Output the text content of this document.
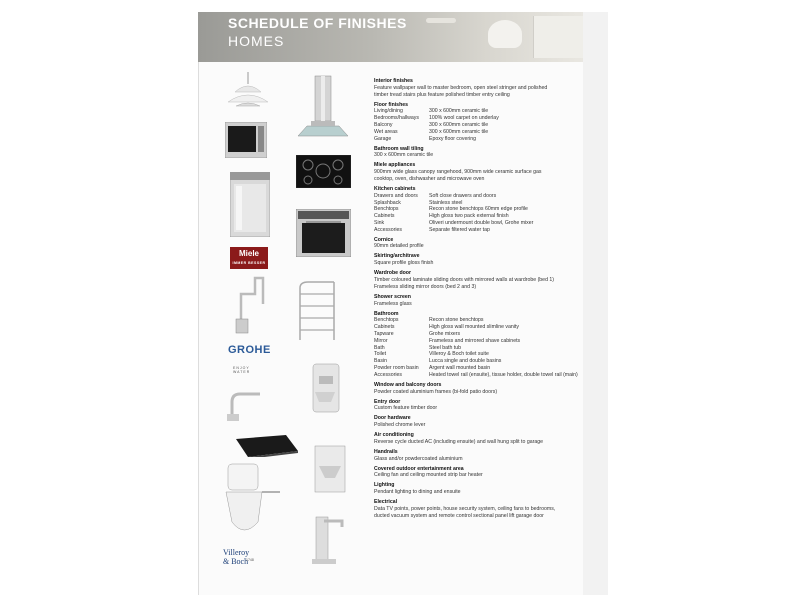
SCHEDULE OF FINISHES
HOMES
Miele
IMMER BESSER
GROHE
ENJOY WATER
Villeroy & Boch
1748
Interior finishes
Feature wallpaper wall to master bedroom, open steel stringer and polished
timber tread stairs plus feature polished timber entry ceiling
Floor finishes
Living/dining	300 x 600mm ceramic tile
Bedrooms/hallways	100% wool carpet on underlay
Balcony	300 x 600mm ceramic tile
Wet areas	300 x 600mm ceramic tile
Garage	Epoxy floor covering
Bathroom wall tiling
300 x 600mm ceramic tile
Miele appliances
900mm wide glass canopy rangehood, 900mm wide ceramic surface gas
cooktop, oven, dishwasher and microwave oven
Kitchen cabinets
Drawers and doors	Soft close drawers and doors
Splashback	Stainless steel
Benchtops	Recon stone benchtops 60mm edge profile
Cabinets	High gloss two pack external finish
Sink	Oliveri undermount double bowl, Grohe mixer
Accessories	Separate filtered water tap
Cornice
90mm detailed profile
Skirting/architrave
Square profile gloss finish
Wardrobe door
Timber coloured laminate sliding doors with mirrored walls at wardrobe (bed 1)
Frameless sliding mirror doors (bed 2 and 3)
Shower screen
Frameless glass
Bathroom
Benchtops	Recon stone benchtops
Cabinets	High gloss wall mounted slimline vanity
Tapware	Grohe mixers
Mirror	Frameless and mirrored shave cabinets
Bath	Steel bath tub
Toilet	Villeroy & Boch toilet suite
Basin	Lucca single and double basins
Powder room basin	Argent wall mounted basin
Accessories	Heated towel rail (ensuite), tissue holder, double towel rail (main)
Window and balcony doors
Powder coated aluminium frames (bi-fold patio doors)
Entry door
Custom feature timber door
Door hardware
Polished chrome lever
Air conditioning
Reverse cycle ducted AC (including ensuite) and wall hung split to garage
Handrails
Glass and/or powdercoated aluminium
Covered outdoor entertainment area
Ceiling fan and ceiling mounted strip bar heater
Lighting
Pendant lighting to dining and ensuite
Electrical
Data TV points, power points, house security system, ceiling fans to bedrooms,
ducted vacuum system and remote control sectional panel lift garage door
